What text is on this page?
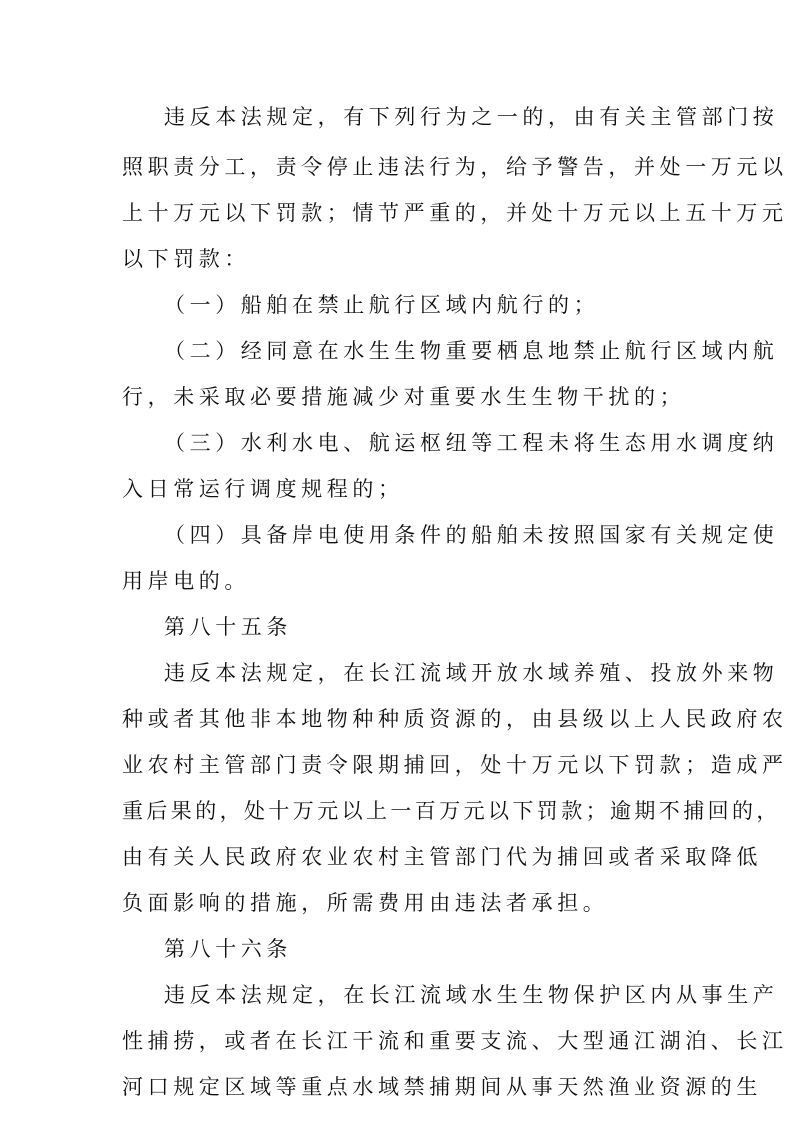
违反本法规定，有下列行为之一的，由有关主管部门按
照职责分工，责令停止违法行为，给予警告，并处一万元以
上十万元以下罚款；情节严重的，并处十万元以上五十万元
以下罚款：
（一）船舶在禁止航行区域内航行的；
（二）经同意在水生生物重要栖息地禁止航行区域内航
行，未采取必要措施减少对重要水生生物干扰的；
（三）水利水电、航运枢纽等工程未将生态用水调度纳
入日常运行调度规程的；
（四）具备岸电使用条件的船舶未按照国家有关规定使
用岸电的。
第八十五条
违反本法规定，在长江流域开放水域养殖、投放外来物
种或者其他非本地物种种质资源的，由县级以上人民政府农
业农村主管部门责令限期捕回，处十万元以下罚款；造成严
重后果的，处十万元以上一百万元以下罚款；逾期不捕回的，
由有关人民政府农业农村主管部门代为捕回或者采取降低
负面影响的措施，所需费用由违法者承担。
第八十六条
违反本法规定，在长江流域水生生物保护区内从事生产
性捕捞，或者在长江干流和重要支流、大型通江湖泊、长江
河口规定区域等重点水域禁捕期间从事天然渔业资源的生
